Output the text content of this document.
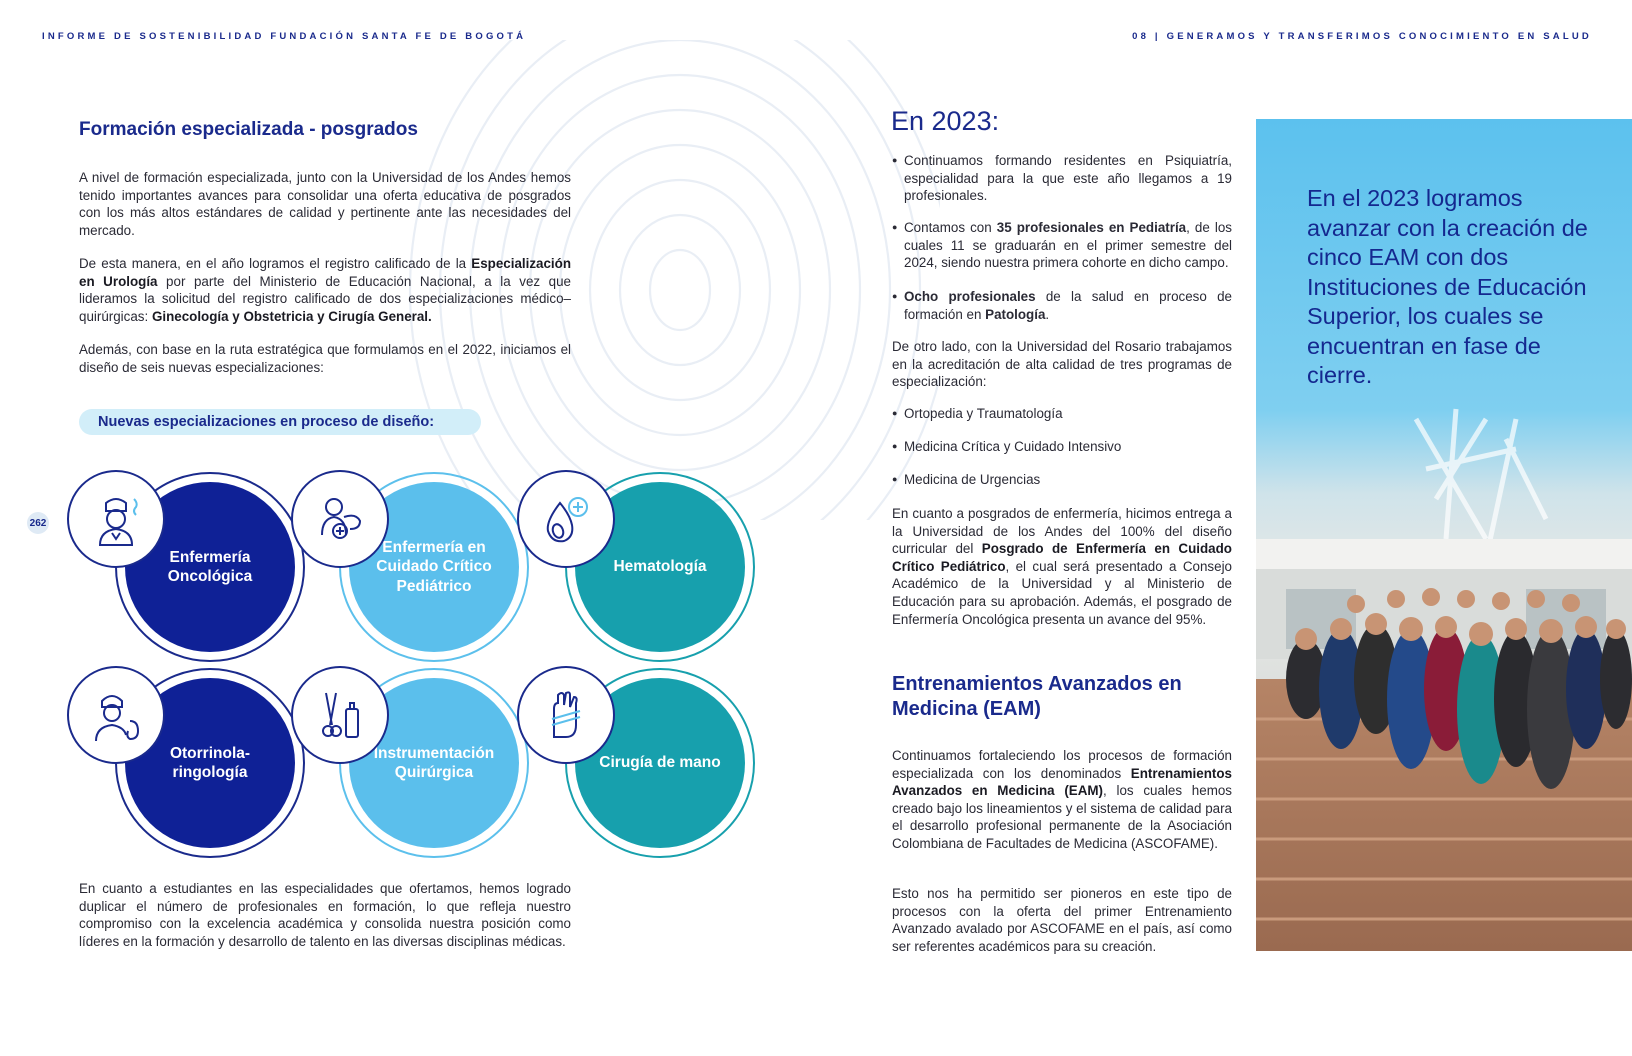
INFORME DE SOSTENIBILIDAD FUNDACIÓN SANTA FE DE BOGOTÁ	08 | GENERAMOS Y TRANSFERIMOS CONOCIMIENTO EN SALUD
262
Formación especializada - posgrados

A nivel de formación especializada, junto con la Universidad de los Andes hemos tenido importantes avances para consolidar una oferta educativa de posgrados con los más altos estándares de calidad y pertinente ante las necesidades del mercado.

De esta manera, en el año logramos el registro calificado de la Especialización en Urología por parte del Ministerio de Educación Nacional, a la vez que lideramos la solicitud del registro calificado de dos especializaciones médico–quirúrgicas: Ginecología y Obstetricia y Cirugía General.

Además, con base en la ruta estratégica que formulamos en el 2022, iniciamos el diseño de seis nuevas especializaciones:

Nuevas especializaciones en proceso de diseño:
Enfermería Oncológica
Enfermería en Cuidado Crítico Pediátrico
Hematología
Otorrinola-ringología
Instrumentación Quirúrgica
Cirugía de mano

En cuanto a estudiantes en las especialidades que ofertamos, hemos logrado duplicar el número de profesionales en formación, lo que refleja nuestro compromiso con la excelencia académica y consolida nuestra posición como líderes en la formación y desarrollo de talento en las diversas disciplinas médicas.

En 2023:

● Continuamos formando residentes en Psiquiatría, especialidad para la que este año llegamos a 19 profesionales.

● Contamos con 35 profesionales en Pediatría, de los cuales 11 se graduarán en el primer semestre del 2024, siendo nuestra primera cohorte en dicho campo.

● Ocho profesionales de la salud en proceso de formación en Patología.

De otro lado, con la Universidad del Rosario trabajamos en la acreditación de alta calidad de tres programas de especialización:

● Ortopedia y Traumatología

● Medicina Crítica y Cuidado Intensivo

● Medicina de Urgencias

En cuanto a posgrados de enfermería, hicimos entrega a la Universidad de los Andes del 100% del diseño curricular del Posgrado de Enfermería en Cuidado Crítico Pediátrico, el cual será presentado a Consejo Académico de la Universidad y al Ministerio de Educación para su aprobación. Además, el posgrado de Enfermería Oncológica presenta un avance del 95%.

Entrenamientos Avanzados en Medicina (EAM)

Continuamos fortaleciendo los procesos de formación especializada con los denominados Entrenamientos Avanzados en Medicina (EAM), los cuales hemos creado bajo los lineamientos y el sistema de calidad para el desarrollo profesional permanente de la Asociación Colombiana de Facultades de Medicina (ASCOFAME).

Esto nos ha permitido ser pioneros en este tipo de procesos con la oferta del primer Entrenamiento Avanzado avalado por ASCOFAME en el país, así como ser referentes académicos para su creación.

En el 2023 logramos avanzar con la creación de cinco EAM con dos Instituciones de Educación Superior, los cuales se encuentran en fase de cierre.
